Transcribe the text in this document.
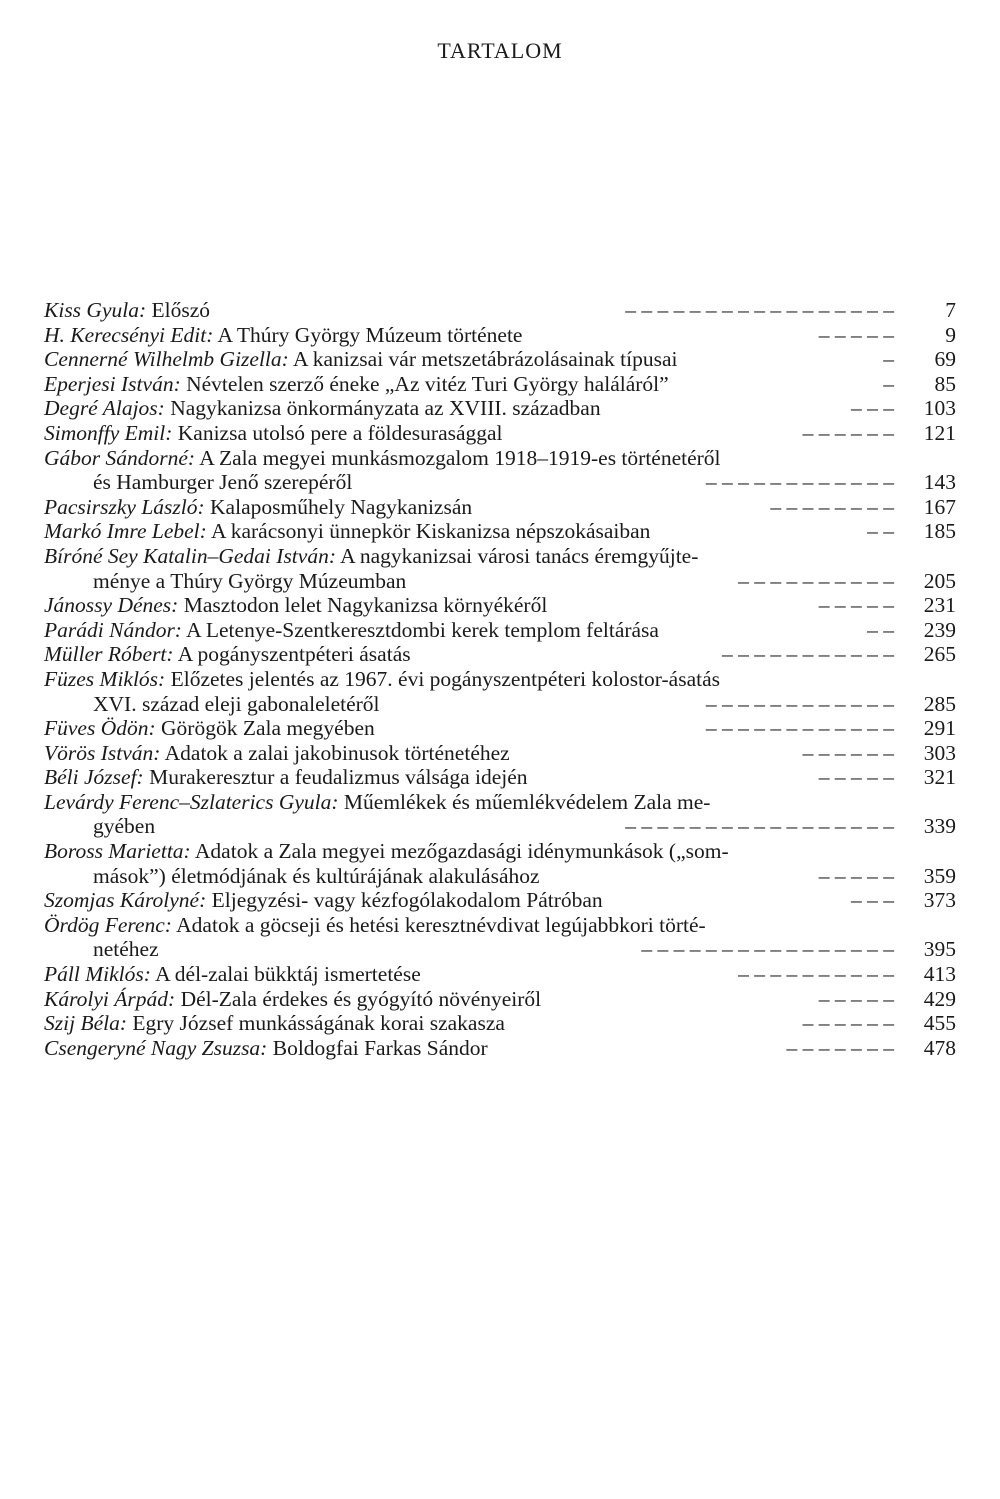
TARTALOM
Kiss Gyula: Előszó	– – – – – – – – – – – – – – – – –	7
H. Kerecsényi Edit: A Thúry György Múzeum története	– – – – –	9
Cennerné Wilhelmb Gizella: A kanizsai vár metszetábrázolásainak típusai	–	69
Eperjesi István: Névtelen szerző éneke „Az vitéz Turi György haláláról”	–	85
Degré Alajos: Nagykanizsa önkormányzata az XVIII. században	– – –	103
Simonffy Emil: Kanizsa utolsó pere a földesurasággal	– – – – – –	121
Gábor Sándorné: A Zala megyei munkásmozgalom 1918–1919-es történetéről
és Hamburger Jenő szerepéről	– – – – – – – – – – – –	143
Pacsirszky László: Kalaposműhely Nagykanizsán	– – – – – – – –	167
Markó Imre Lebel: A karácsonyi ünnepkör Kiskanizsa népszokásaiban	– –	185
Bíróné Sey Katalin–Gedai István: A nagykanizsai városi tanács éremgyűjte-
ménye a Thúry György Múzeumban	– – – – – – – – – –	205
Jánossy Dénes: Masztodon lelet Nagykanizsa környékéről	– – – – –	231
Parádi Nándor: A Letenye-Szentkeresztdombi kerek templom feltárása	– –	239
Müller Róbert: A pogányszentpéteri ásatás	– – – – – – – – – – –	265
Füzes Miklós: Előzetes jelentés az 1967. évi pogányszentpéteri kolostor-ásatás
XVI. század eleji gabonaleletéről	– – – – – – – – – – – –	285
Füves Ödön: Görögök Zala megyében	– – – – – – – – – – – –	291
Vörös István: Adatok a zalai jakobinusok történetéhez	– – – – – –	303
Béli József: Murakeresztur a feudalizmus válsága idején	– – – – –	321
Levárdy Ferenc–Szlaterics Gyula: Műemlékek és műemlékvédelem Zala me-
gyében	– – – – – – – – – – – – – – – – –	339
Boross Marietta: Adatok a Zala megyei mezőgazdasági idénymunkások („som-
mások”) életmódjának és kultúrájának alakulásához	– – – – –	359
Szomjas Károlyné: Eljegyzési- vagy kézfogólakodalom Pátróban	– – –	373
Ördög Ferenc: Adatok a göcseji és hetési keresztnévdivat legújabbkori törté-
netéhez	– – – – – – – – – – – – – – – –	395
Páll Miklós: A dél-zalai bükktáj ismertetése	– – – – – – – – – –	413
Károlyi Árpád: Dél-Zala érdekes és gyógyító növényeiről	– – – – –	429
Szij Béla: Egry József munkásságának korai szakasza	– – – – – –	455
Csengeryné Nagy Zsuzsa: Boldogfai Farkas Sándor	– – – – – – –	478
